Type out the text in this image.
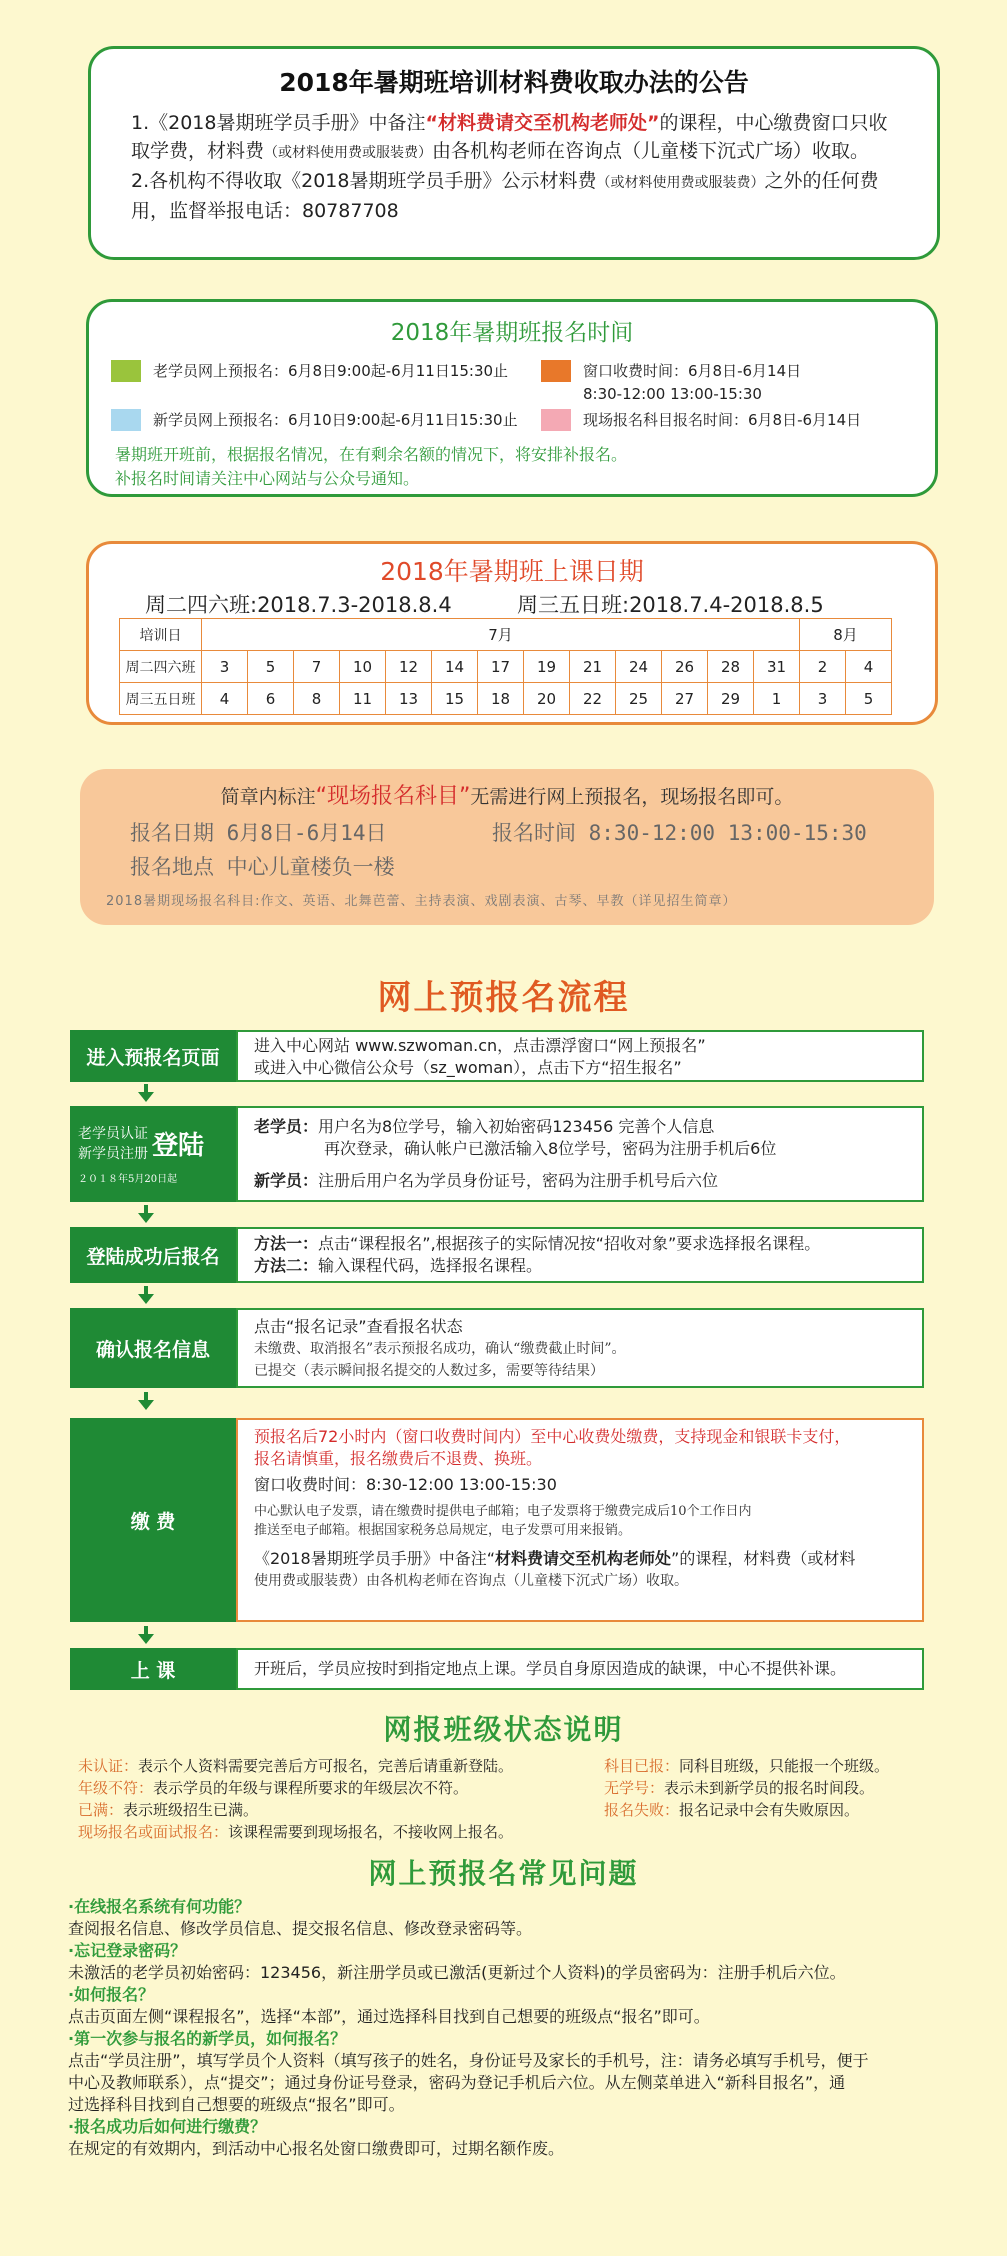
2018年暑期班培训材料费收取办法的公告

1.《2018暑期班学员手册》中备注“材料费请交至机构老师处”的课程，中心缴费窗口只收取学费，材料费（或材料使用费或服装费）由各机构老师在咨询点（儿童楼下沉式广场）收取。

2.各机构不得收取《2018暑期班学员手册》公示材料费（或材料使用费或服装费）之外的任何费用，监督举报电话：80787708

2018年暑期班报名时间
老学员网上预报名：6月8日9:00起-6月11日15:30止	窗口收费时间：6月8日-6月14日
8:30-12:00 13:00-15:30
新学员网上预报名：6月10日9:00起-6月11日15:30止	现场报名科目报名时间：6月8日-6月14日
暑期班开班前，根据报名情况，在有剩余名额的情况下，将安排补报名。
补报名时间请关注中心网站与公众号通知。
2018年暑期班上课日期
周二四六班:2018.7.3-2018.8.4	周三五日班:2018.7.4-2018.8.5
培训日	7月													8月	
周二四六班	3	5	7	10	12	14	17	19	21	24	26	28	31	2	4
周三五日班	4	6	8	11	13	15	18	20	22	25	27	29	1	3	5
简章内标注“现场报名科目”无需进行网上预报名，现场报名即可。
报名日期 6月8日-6月14日	报名时间 8:30-12:00 13:00-15:30
报名地点 中心儿童楼负一楼
2018暑期现场报名科目:作文、英语、北舞芭蕾、主持表演、戏剧表演、古琴、早教（详见招生简章）
网上预报名流程
进入预报名页面
进入中心网站 www.szwoman.cn，点击漂浮窗口“网上预报名”
或进入中心微信公众号（sz_woman），点击下方“招生报名”
老学员认证
新学员注册 登陆
２０１８年5月20日起
老学员：用户名为8位学号，输入初始密码123456 完善个人信息
再次登录，确认帐户已激活输入8位学号，密码为注册手机后6位
新学员：注册后用户名为学员身份证号，密码为注册手机号后六位
登陆成功后报名
方法一：点击“课程报名”,根据孩子的实际情况按“招收对象”要求选择报名课程。
方法二：输入课程代码，选择报名课程。
确认报名信息
点击“报名记录”查看报名状态
未缴费、取消报名”表示预报名成功，确认“缴费截止时间”。
已提交（表示瞬间报名提交的人数过多，需要等待结果）
缴 费
预报名后72小时内（窗口收费时间内）至中心收费处缴费，支持现金和银联卡支付，
报名请慎重，报名缴费后不退费、换班。
窗口收费时间：8:30-12:00 13:00-15:30
中心默认电子发票，请在缴费时提供电子邮箱；电子发票将于缴费完成后10个工作日内
推送至电子邮箱。根据国家税务总局规定，电子发票可用来报销。
《2018暑期班学员手册》中备注“材料费请交至机构老师处”的课程，材料费（或材料
使用费或服装费）由各机构老师在咨询点（儿童楼下沉式广场）收取。
上 课	开班后，学员应按时到指定地点上课。学员自身原因造成的缺课，中心不提供补课。
网报班级状态说明
未认证：表示个人资料需要完善后方可报名，完善后请重新登陆。
年级不符：表示学员的年级与课程所要求的年级层次不符。
已满：表示班级招生已满。
现场报名或面试报名：该课程需要到现场报名，不接收网上报名。
科目已报：同科目班级，只能报一个班级。
无学号：表示未到新学员的报名时间段。
报名失败：报名记录中会有失败原因。
网上预报名常见问题
·在线报名系统有何功能？
查阅报名信息、修改学员信息、提交报名信息、修改登录密码等。
·忘记登录密码？
未激活的老学员初始密码：123456，新注册学员或已激活(更新过个人资料)的学员密码为：注册手机后六位。
·如何报名？
点击页面左侧“课程报名”，选择“本部”，通过选择科目找到自己想要的班级点“报名”即可。
·第一次参与报名的新学员，如何报名？
点击“学员注册”，填写学员个人资料（填写孩子的姓名，身份证号及家长的手机号，注：请务必填写手机号，便于
中心及教师联系），点“提交”；通过身份证号登录，密码为登记手机后六位。从左侧菜单进入“新科目报名”，通
过选择科目找到自己想要的班级点“报名”即可。
·报名成功后如何进行缴费？
在规定的有效期内，到活动中心报名处窗口缴费即可，过期名额作废。
